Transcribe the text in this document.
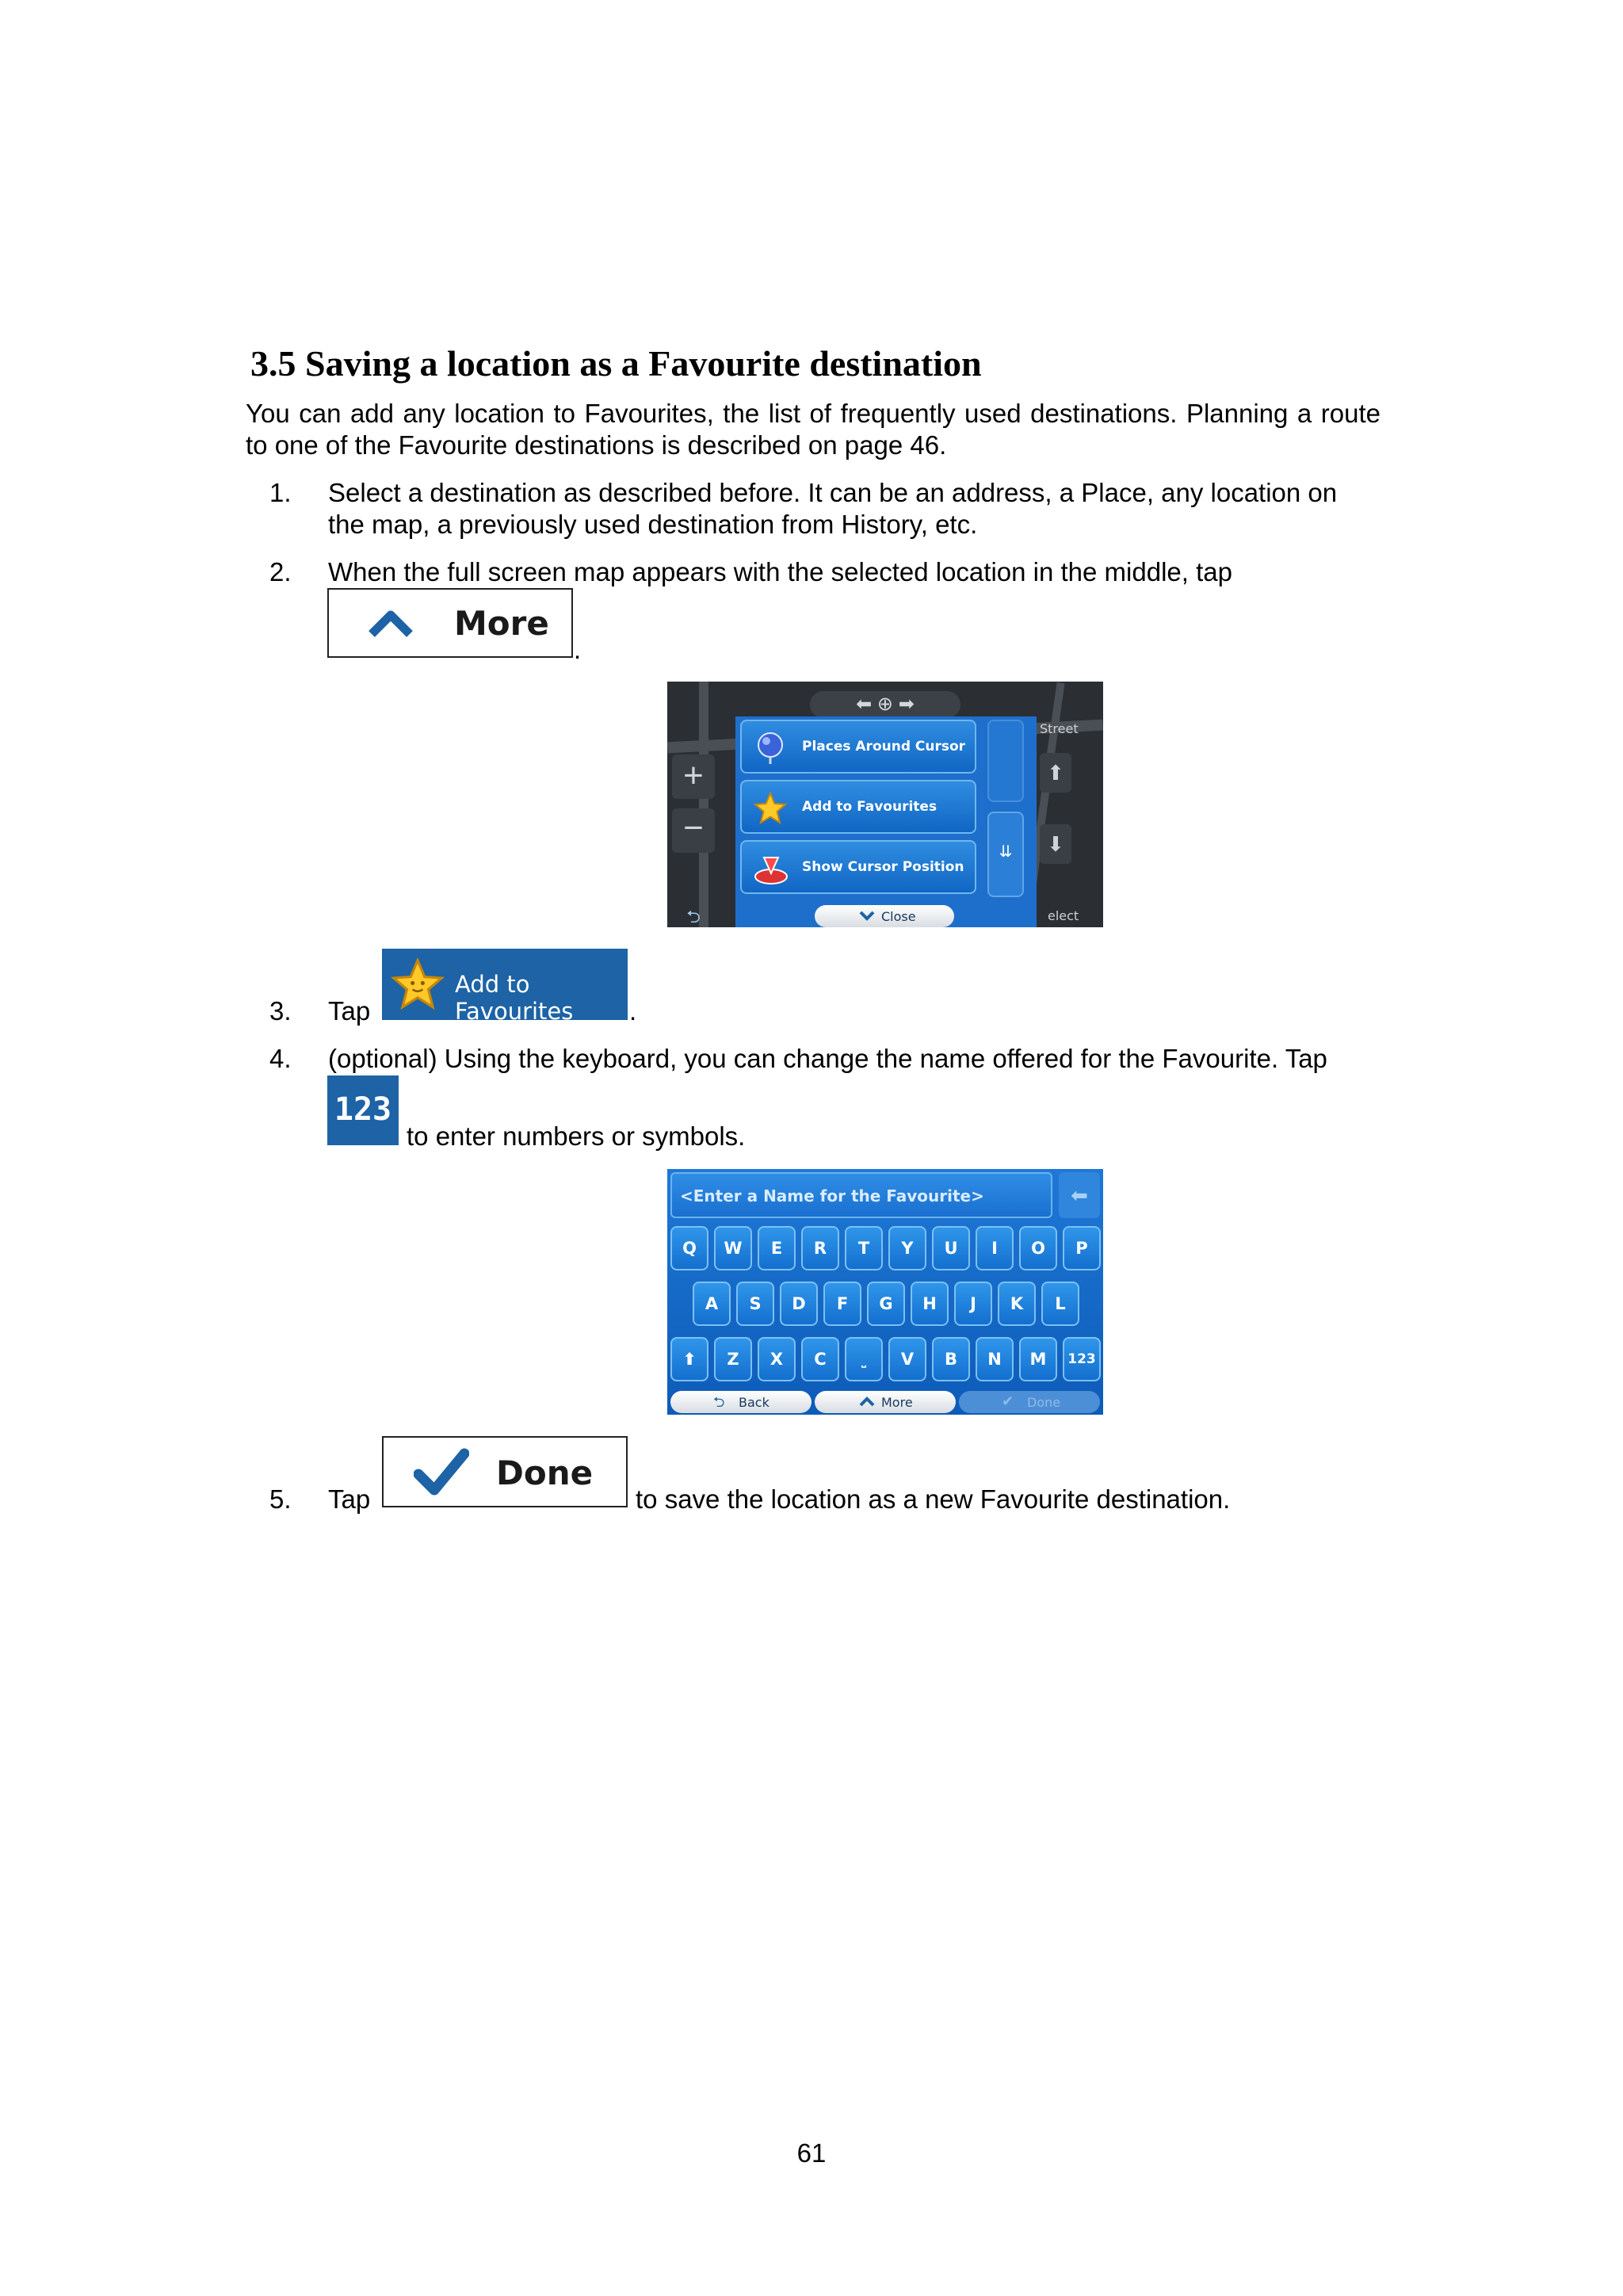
3.5 Saving a location as a Favourite destination

You can add any location to Favourites, the list of frequently used destinations. Planning a route to one of the Favourite destinations is described on page 46.

1. Select a destination as described before. It can be an address, a Place, any location on the map, a previously used destination from History, etc.
2. When the full screen map appears with the selected location in the middle, tap
More
.
Street
elect
+
−
⬆
⬇
⬅ ⊕ ➡
⮌
Places Around Cursor
Add to Favourites
Show Cursor Position
⇊
Close
3. Tap
Add to Favourites	.
4. (optional) Using the keyboard, you can change the name offered for the Favourite. Tap
123
to enter numbers or symbols.
<Enter a Name for the Favourite>	⬅
Q	W	E	R	T	Y	U	I	O	P
A	S	D	F	G	H	J	K	L
⬆	Z	X	C	⎵	V	B	N	M	123
⮌ Back	More	✔ Done
5. Tap
Done
to save the location as a new Favourite destination.
61
